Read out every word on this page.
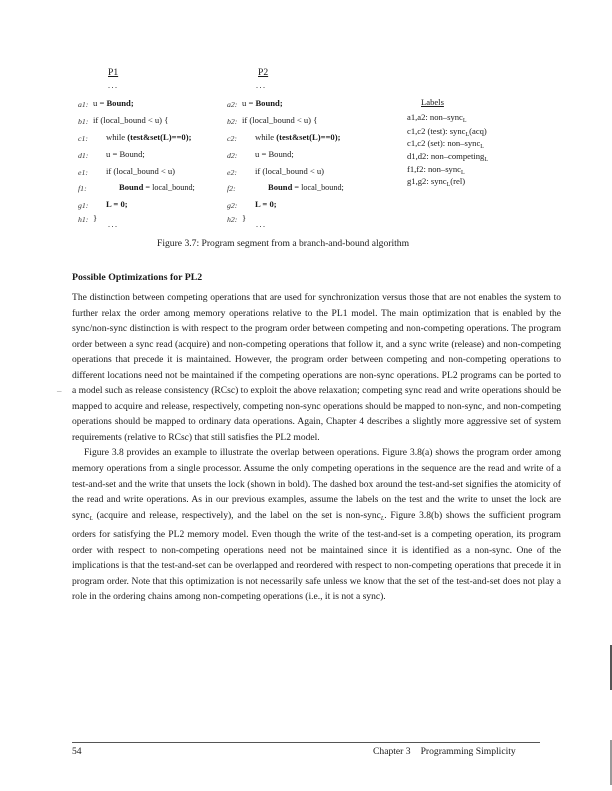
P1
...
a1: u = Bound;
b1: if (local_bound < u) {
c1: while (test&set(L)==0);
d1: u = Bound;
e1: if (local_bound < u)
f1:	Bound = local_bound;
g1: L = 0;
h1: }
...
P2
...
a2: u = Bound;
b2: if (local_bound < u) {
c2: while (test&set(L)==0);
d2: u = Bound;
e2: if (local_bound < u)
f2:	Bound = local_bound;
g2: L = 0;
h2: }
...
Labels
a1,a2: non–sync$_L$
c1,c2 (test): sync$_L$(acq)
c1,c2 (set): non–sync$_L$
d1,d2: non–competing$_L$
f1,f2: non–sync$_L$
g1,g2: sync$_L$(rel)
Figure 3.7: Program segment from a branch-and-bound algorithm
Possible Optimizations for PL2

The distinction between competing operations that are used for synchronization versus those that are not enables the system to further relax the order among memory operations relative to the PL1 model. The main optimization that is enabled by the sync/non-sync distinction is with respect to the program order between competing and non-competing operations. The program order between a sync read (acquire) and non-competing operations that follow it, and a sync write (release) and non-competing operations that precede it is maintained. However, the program order between competing and non-competing operations to different locations need not be maintained if the competing operations are non-sync operations. PL2 programs can be ported to a model such as release consistency (RCsc) to exploit the above relaxation; competing sync read and write operations should be mapped to acquire and release, respectively, competing non-sync operations should be mapped to non-sync, and non-competing operations should be mapped to ordinary data operations. Again, Chapter 4 describes a slightly more aggressive set of system requirements (relative to RCsc) that still satisfies the PL2 model.

Figure 3.8 provides an example to illustrate the overlap between operations. Figure 3.8(a) shows the program order among memory operations from a single processor. Assume the only competing operations in the sequence are the read and write of a test-and-set and the write that unsets the lock (shown in bold). The dashed box around the test-and-set signifies the atomicity of the read and write operations. As in our previous examples, assume the labels on the test and the write to unset the lock are sync$_L$ (acquire and release, respectively), and the label on the set is non-sync$_L$. Figure 3.8(b) shows the sufficient program orders for satisfying the PL2 memory model. Even though the write of the test-and-set is a competing operation, its program order with respect to non-competing operations need not be maintained since it is identified as a non-sync. One of the implications is that the test-and-set can be overlapped and reordered with respect to non-competing operations that precede it in program order. Note that this optimization is not necessarily safe unless we know that the set of the test-and-set does not play a role in the ordering chains among non-competing operations (i.e., it is not a sync).

–
54	Chapter 3 Programming Simplicity
